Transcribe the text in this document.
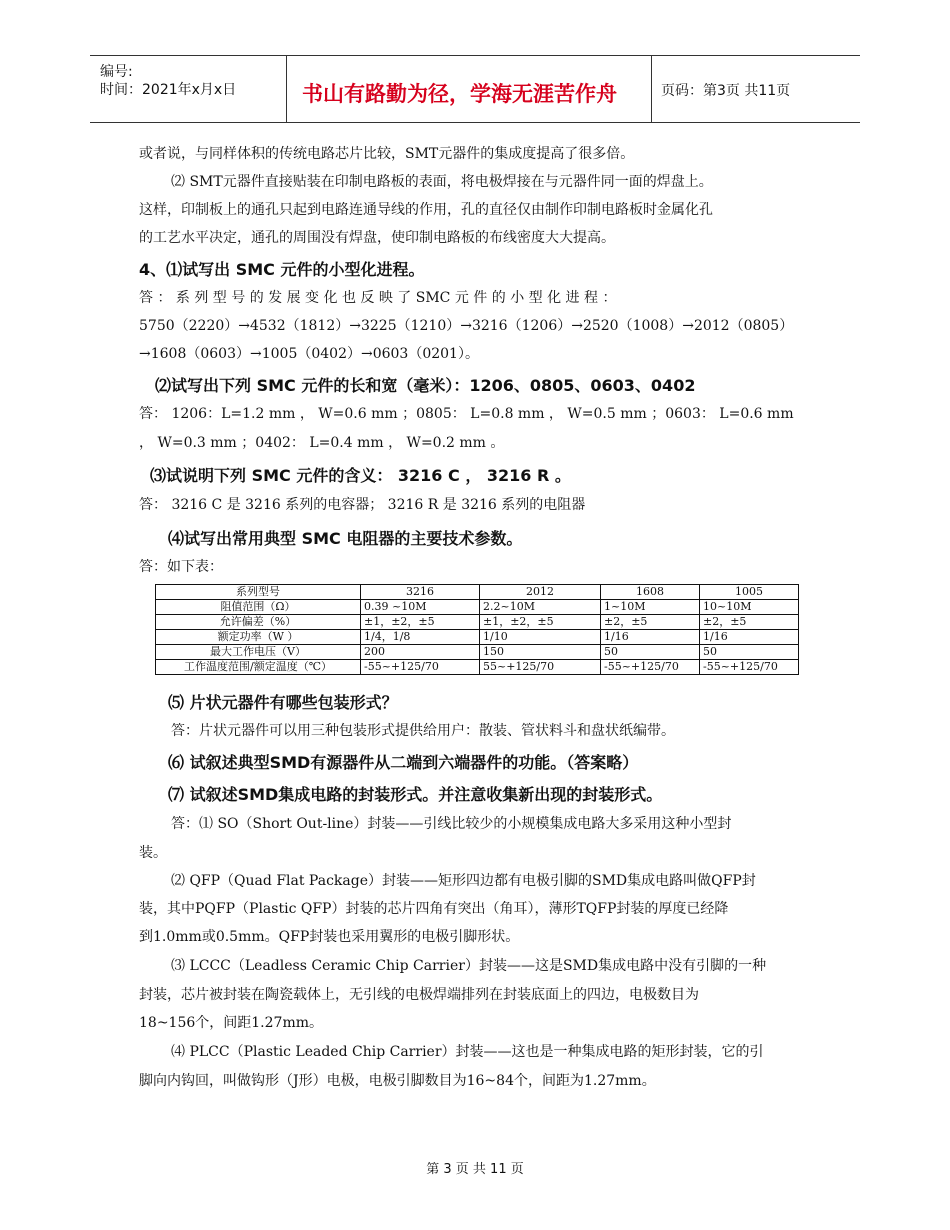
编号:
时间：2021年x月x日	书山有路勤为径，学海无涯苦作舟	页码：第3页 共11页
或者说，与同样体积的传统电路芯片比较，SMT元器件的集成度提高了很多倍。
⑵ SMT元器件直接贴装在印制电路板的表面，将电极焊接在与元器件同一面的焊盘上。
这样，印制板上的通孔只起到电路连通导线的作用，孔的直径仅由制作印制电路板时金属化孔
的工艺水平决定，通孔的周围没有焊盘，使印制电路板的布线密度大大提高。
4、⑴试写出 SMC 元件的小型化进程。
答 ： 系 列 型 号 的 发 展 变 化 也 反 映 了 SMC 元 件 的 小 型 化 进 程 ：
5750（2220）→4532（1812）→3225（1210）→3216（1206）→2520（1008）→2012（0805）
→1608（0603）→1005（0402）→0603（0201）。
⑵试写出下列 SMC 元件的长和宽（毫米）：1206、0805、0603、0402
答： 1206：L=1.2 mm ， W=0.6 mm ；0805： L=0.8 mm ， W=0.5 mm ；0603： L=0.6 mm
， W=0.3 mm ；0402： L=0.4 mm ， W=0.2 mm 。
⑶试说明下列 SMC 元件的含义： 3216 C ， 3216 R 。
答： 3216 C 是 3216 系列的电容器； 3216 R 是 3216 系列的电阻器
⑷试写出常用典型 SMC 电阻器的主要技术参数。
答：如下表：
系列型号	3216	2012	1608	1005
阻值范围（Ω）	0.39 ~10M	2.2~10M	1~10M	10~10M
允许偏差（%）	±1，±2，±5	±1，±2，±5	±2，±5	±2，±5
额定功率（W ）	1/4，1/8	1/10	1/16	1/16
最大工作电压（V）	200	150	50	50
工作温度范围/额定温度（℃）	-55~+125/70	55~+125/70	-55~+125/70	-55~+125/70
⑸ 片状元器件有哪些包装形式？
答：片状元器件可以用三种包装形式提供给用户：散装、管状料斗和盘状纸编带。
⑹ 试叙述典型SMD有源器件从二端到六端器件的功能。（答案略）
⑺ 试叙述SMD集成电路的封装形式。并注意收集新出现的封装形式。
答：⑴ SO（Short Out-line）封装——引线比较少的小规模集成电路大多采用这种小型封
装。
⑵ QFP（Quad Flat Package）封装——矩形四边都有电极引脚的SMD集成电路叫做QFP封
装，其中PQFP（Plastic QFP）封装的芯片四角有突出（角耳），薄形TQFP封装的厚度已经降
到1.0mm或0.5mm。QFP封装也采用翼形的电极引脚形状。
⑶ LCCC（Leadless Ceramic Chip Carrier）封装——这是SMD集成电路中没有引脚的一种
封装，芯片被封装在陶瓷载体上，无引线的电极焊端排列在封装底面上的四边，电极数目为
18~156个，间距1.27mm。
⑷ PLCC（Plastic Leaded Chip Carrier）封装——这也是一种集成电路的矩形封装，它的引
脚向内钩回，叫做钩形（J形）电极，电极引脚数目为16~84个，间距为1.27mm。
第 3 页 共 11 页
